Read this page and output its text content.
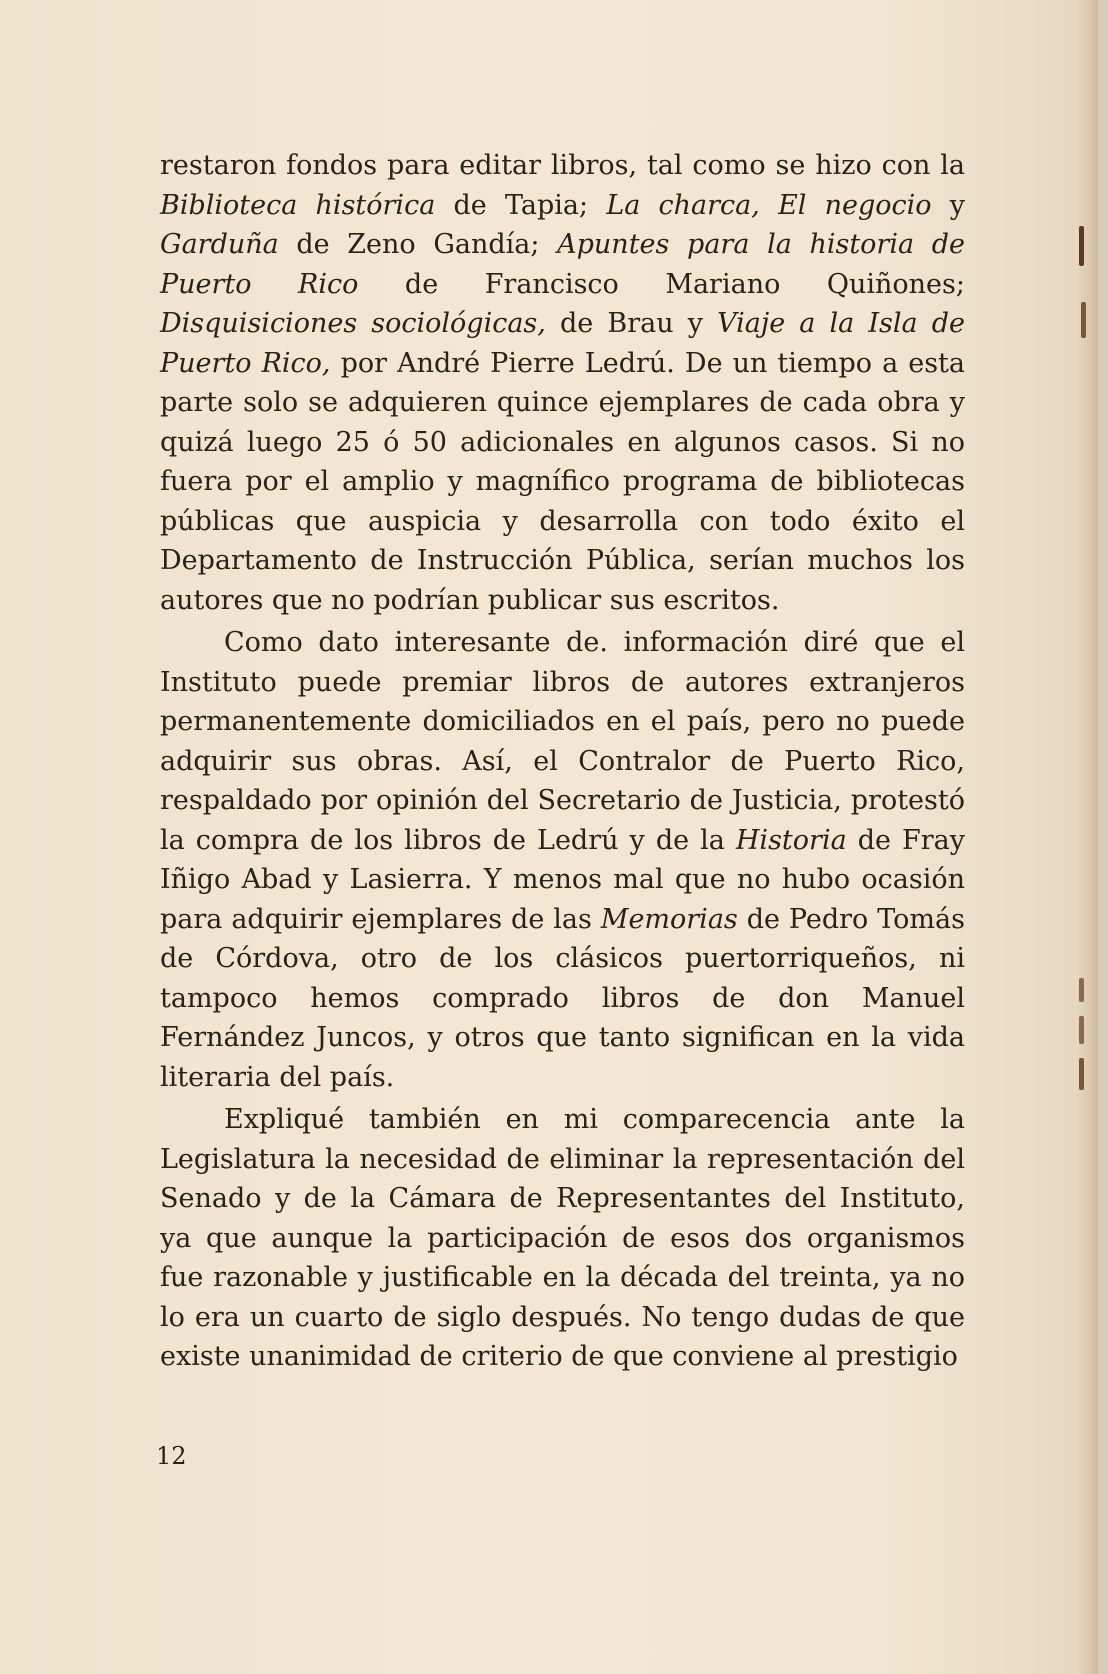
restaron fondos para editar libros, tal como se hizo con la Biblioteca histórica de Tapia; La charca, El negocio y Garduña de Zeno Gandía; Apuntes para la historia de Puerto Rico de Francisco Mariano Quiñones; Disquisiciones sociológicas, de Brau y Viaje a la Isla de Puerto Rico, por André Pierre Ledrú. De un tiempo a esta parte solo se adquieren quince ejemplares de cada obra y quizá luego 25 ó 50 adicionales en algunos casos. Si no fuera por el amplio y magnífico programa de bibliotecas públicas que auspicia y desarrolla con todo éxito el Departamento de Instrucción Pública, serían muchos los autores que no podrían publicar sus escritos.

Como dato interesante de. información diré que el Instituto puede premiar libros de autores extranjeros permanentemente domiciliados en el país, pero no puede adquirir sus obras. Así, el Contralor de Puerto Rico, respaldado por opinión del Secretario de Justicia, protestó la compra de los libros de Ledrú y de la Historia de Fray Iñigo Abad y Lasierra. Y menos mal que no hubo ocasión para adquirir ejemplares de las Memorias de Pedro Tomás de Córdova, otro de los clásicos puertorriqueños, ni tampoco hemos comprado libros de don Manuel Fernández Juncos, y otros que tanto significan en la vida literaria del país.

Expliqué también en mi comparecencia ante la Legislatura la necesidad de eliminar la representación del Senado y de la Cámara de Representantes del Instituto, ya que aunque la participación de esos dos organismos fue razonable y justificable en la década del treinta, ya no lo era un cuarto de siglo después. No tengo dudas de que existe unanimidad de criterio de que conviene al prestigio

12
